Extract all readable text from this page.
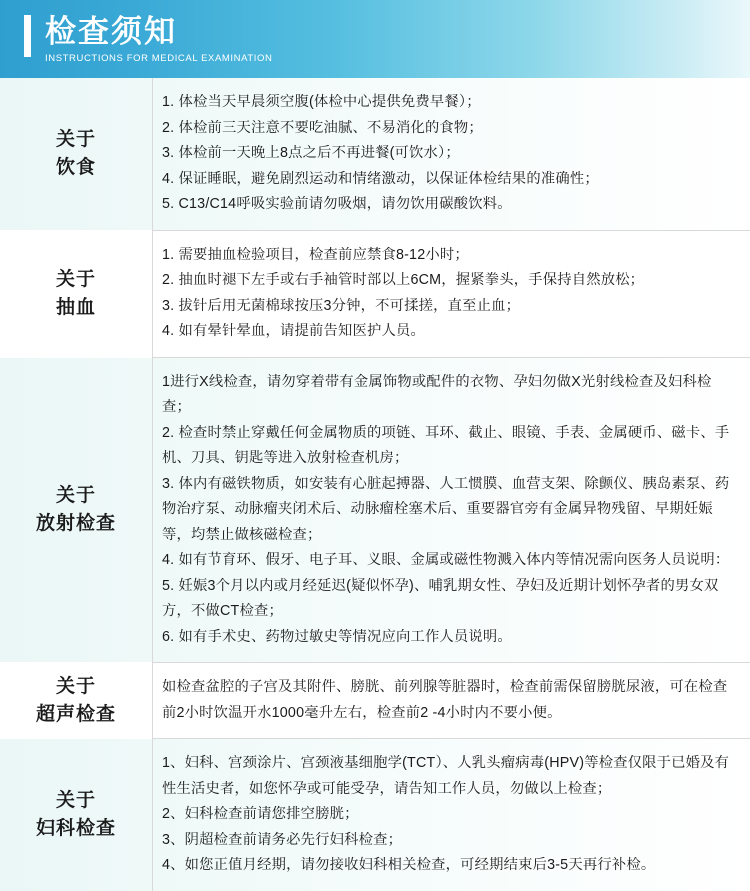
检查须知
INSTRUCTIONS FOR MEDICAL EXAMINATION
关于
饮食
1. 体检当天早晨须空腹(体检中心提供免费早餐）；
2. 体检前三天注意不要吃油腻、不易消化的食物；
3. 体检前一天晚上8点之后不再进餐(可饮水）；
4. 保证睡眠，避免剧烈运动和情绪激动，以保证体检结果的准确性；
5. C13/C14呼吸实验前请勿吸烟，请勿饮用碳酸饮料。
关于
抽血
1. 需要抽血检验项目，检查前应禁食8-12小时；
2. 抽血时褪下左手或右手袖管时部以上6CM，握紧拳头，手保持自然放松；
3. 拔针后用无菌棉球按压3分钟，不可揉搓，直至止血；
4. 如有晕针晕血，请提前告知医护人员。
关于
放射检查
1进行X线检查，请勿穿着带有金属饰物或配件的衣物、孕妇勿做X光射线检查及妇科检查；
2. 检查时禁止穿戴任何金属物质的项链、耳环、截止、眼镜、手表、金属硬币、磁卡、手机、刀具、钥匙等进入放射检查机房；
3. 体内有磁铁物质，如安装有心脏起搏器、人工惯膜、血营支架、除颤仪、胰岛素泵、药物治疗泵、动脉瘤夹闭术后、动脉瘤栓塞术后、重要器官旁有金属异物残留、早期妊娠等，均禁止做核磁检查；
4. 如有节育环、假牙、电子耳、义眼、金属或磁性物溅入体内等情况需向医务人员说明：
5. 妊娠3个月以内或月经延迟(疑似怀孕)、哺乳期女性、孕妇及近期计划怀孕者的男女双方，不做CT检查；
6. 如有手术史、药物过敏史等情况应向工作人员说明。
关于
超声检查
如检查盆腔的子宫及其附件、膀胱、前列腺等脏器时，检查前需保留膀胱尿液，可在检查前2小时饮温开水1000毫升左右，检查前2 -4小时内不要小便。
关于
妇科检查
1、妇科、宫颈涂片、宫颈液基细胞学(TCT）、人乳头瘤病毒(HPV)等检查仅限于已婚及有性生活史者，如您怀孕或可能受孕，请告知工作人员，勿做以上检查；
2、妇科检查前请您排空膀胱；
3、阴超检查前请务必先行妇科检查；
4、如您正值月经期，请勿接收妇科相关检查，可经期结束后3-5天再行补检。
